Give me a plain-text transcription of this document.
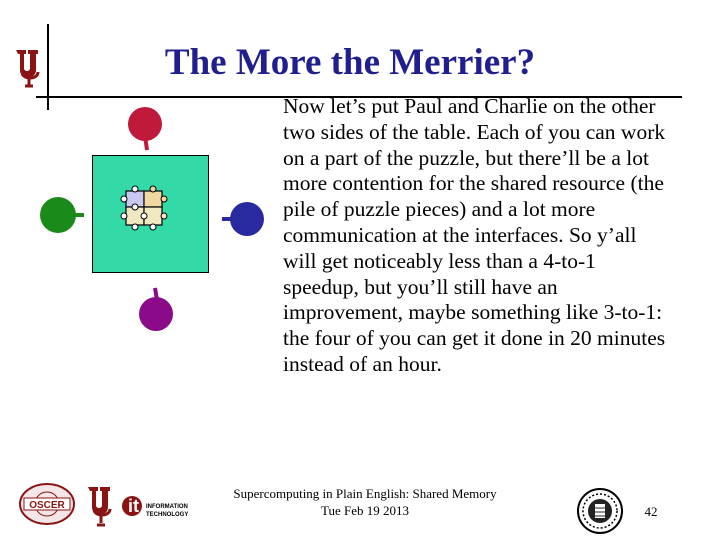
The More the Merrier?
Now let’s put Paul and Charlie on the other two sides of the table. Each of you can work on a part of the puzzle, but there’ll be a lot more contention for the shared resource (the pile of puzzle pieces) and a lot more communication at the interfaces. So y’all will get noticeably less than a 4-to-1 speedup, but you’ll still have an improvement, maybe something like 3-to-1: the four of you can get it done in 20 minutes instead of an hour.
OSCER	it INFORMATION
TECHNOLOGY
Supercomputing in Plain English: Shared Memory
Tue Feb 19 2013	42
